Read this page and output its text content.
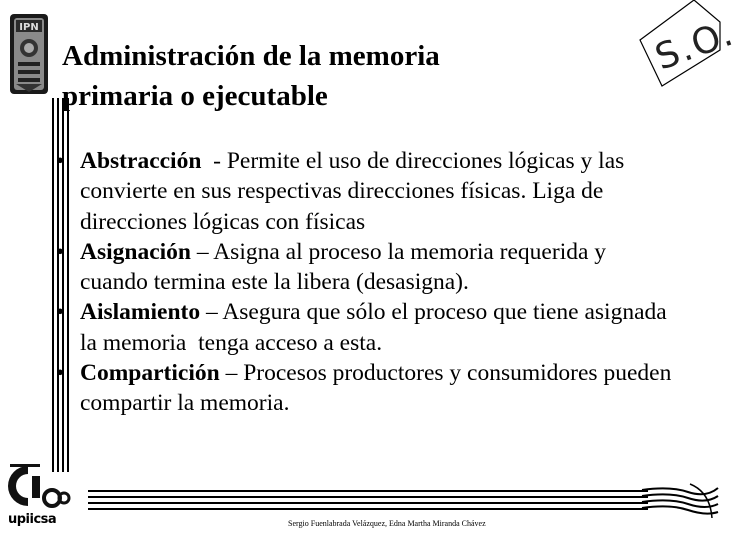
IPN
Administración de la memoria
primaria o ejecutable
S.O.
• Abstracción  - Permite el uso de direcciones lógicas y las convierte en sus respectivas direcciones físicas. Liga de direcciones lógicas con físicas
• Asignación – Asigna al proceso la memoria requerida y cuando termina este la libera (desasigna).
• Aislamiento – Asegura que sólo el proceso que tiene asignada la memoria  tenga acceso a esta.
• Compartición – Procesos productores y consumidores pueden compartir la memoria.
upiicsa	Sergio Fuenlabrada Velázquez, Edna Martha Miranda Chávez
